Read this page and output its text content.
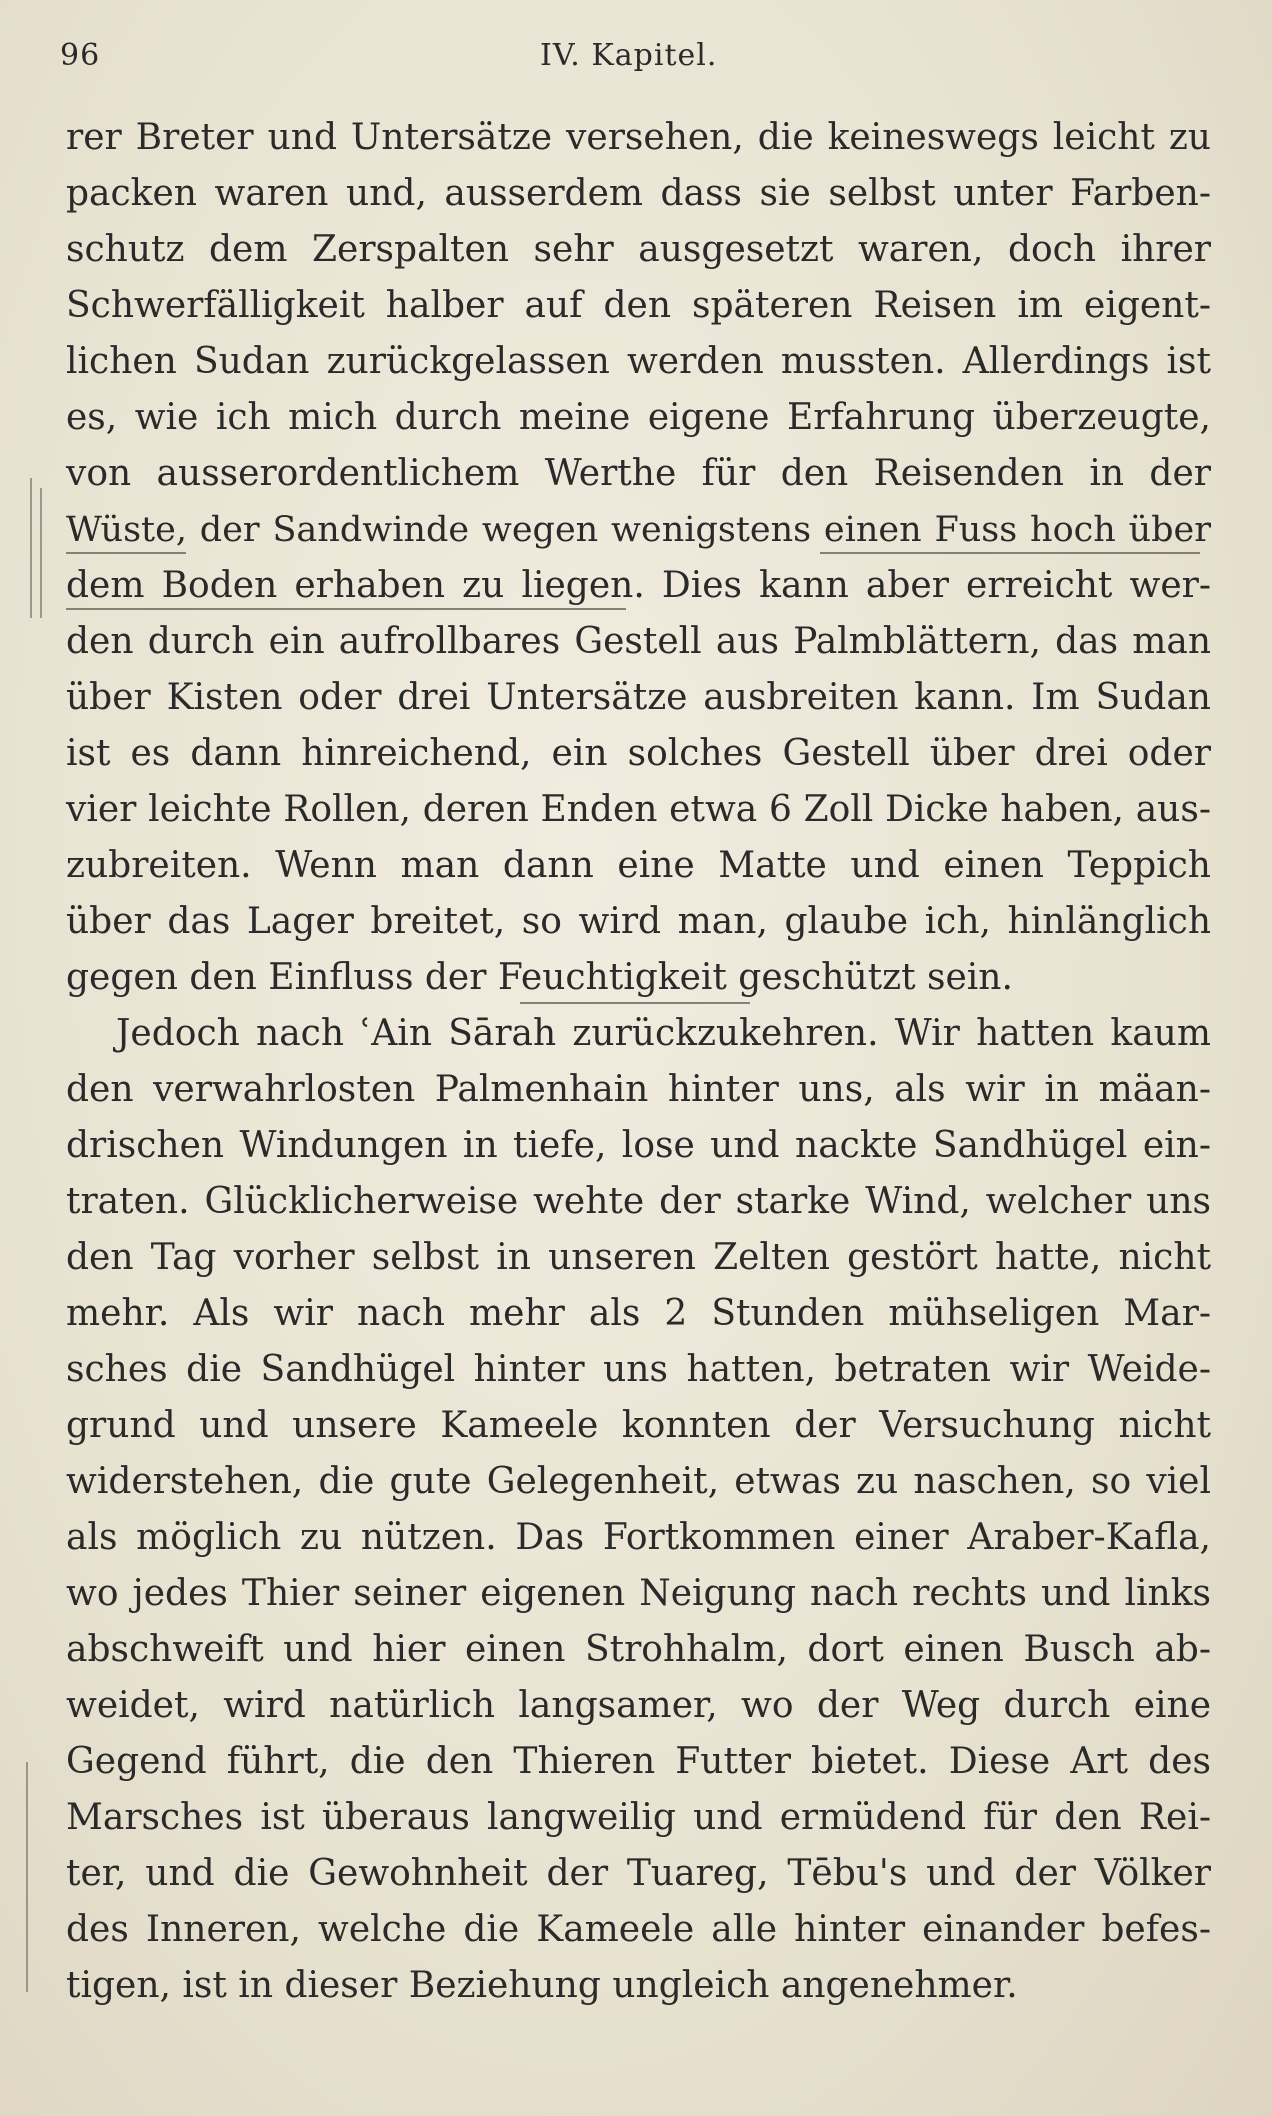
96	IV. Kapitel.
rer Breter und Untersätze versehen, die keineswegs leicht zu
packen waren und, ausserdem dass sie selbst unter Farben-
schutz dem Zerspalten sehr ausgesetzt waren, doch ihrer
Schwerfälligkeit halber auf den späteren Reisen im eigent-
lichen Sudan zurückgelassen werden mussten. Allerdings ist
es, wie ich mich durch meine eigene Erfahrung überzeugte,
von ausserordentlichem Werthe für den Reisenden in der
Wüste, der Sandwinde wegen wenigstens einen Fuss hoch über
dem Boden erhaben zu liegen. Dies kann aber erreicht wer-
den durch ein aufrollbares Gestell aus Palmblättern, das man
über Kisten oder drei Untersätze ausbreiten kann. Im Sudan
ist es dann hinreichend, ein solches Gestell über drei oder
vier leichte Rollen, deren Enden etwa 6 Zoll Dicke haben, aus-
zubreiten. Wenn man dann eine Matte und einen Teppich
über das Lager breitet, so wird man, glaube ich, hinlänglich
gegen den Einfluss der Feuchtigkeit geschützt sein.
Jedoch nach ʿAin Sārah zurückzukehren. Wir hatten kaum
den verwahrlosten Palmenhain hinter uns, als wir in mäan-
drischen Windungen in tiefe, lose und nackte Sandhügel ein-
traten. Glücklicherweise wehte der starke Wind, welcher uns
den Tag vorher selbst in unseren Zelten gestört hatte, nicht
mehr. Als wir nach mehr als 2 Stunden mühseligen Mar-
sches die Sandhügel hinter uns hatten, betraten wir Weide-
grund und unsere Kameele konnten der Versuchung nicht
widerstehen, die gute Gelegenheit, etwas zu naschen, so viel
als möglich zu nützen. Das Fortkommen einer Araber-Kafla,
wo jedes Thier seiner eigenen Neigung nach rechts und links
abschweift und hier einen Strohhalm, dort einen Busch ab-
weidet, wird natürlich langsamer, wo der Weg durch eine
Gegend führt, die den Thieren Futter bietet. Diese Art des
Marsches ist überaus langweilig und ermüdend für den Rei-
ter, und die Gewohnheit der Tuareg, Tēbu's und der Völker
des Inneren, welche die Kameele alle hinter einander befes-
tigen, ist in dieser Beziehung ungleich angenehmer.
